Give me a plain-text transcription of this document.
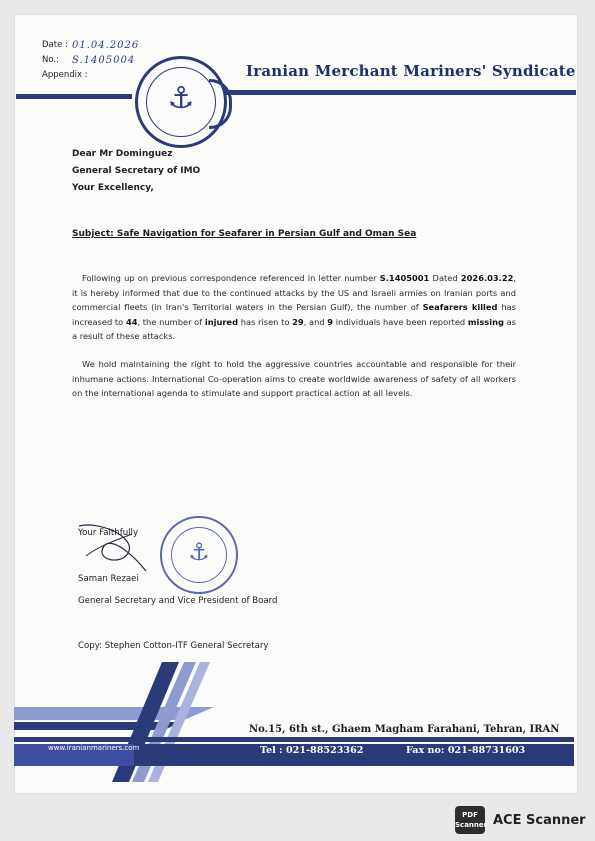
Date : 01.04.2026
No.:	S.1405004
Appendix :
⚓
Iranian Merchant Mariners' Syndicate
Dear Mr Dominguez
General Secretary of IMO
Your Excellency,
Subject: Safe Navigation for Seafarer in Persian Gulf and Oman Sea
Following up on previous correspondence referenced in letter number S.1405001 Dated 2026.03.22, it is hereby informed that due to the continued attacks by the US and Israeli armies on Iranian ports and commercial fleets (in Iran's Territorial waters in the Persian Gulf), the number of Seafarers killed has increased to 44, the number of injured has risen to 29, and 9 individuals have been reported missing as a result of these attacks.
We hold maintaining the right to hold the aggressive countries accountable and responsible for their inhumane actions. International Co-operation aims to create worldwide awareness of safety of all workers on the international agenda to stimulate and support practical action at all levels.
Your Faithfully
Saman Rezaei
General Secretary and Vice President of Board
⚓
Copy: Stephen Cotton-ITF General Secretary
No.15, 6th st., Ghaem Magham Farahani, Tehran, IRAN
Tel : 021-88523362	Fax no: 021-88731603
www.iranianmariners.com
PDF Scanner ACE Scanner
